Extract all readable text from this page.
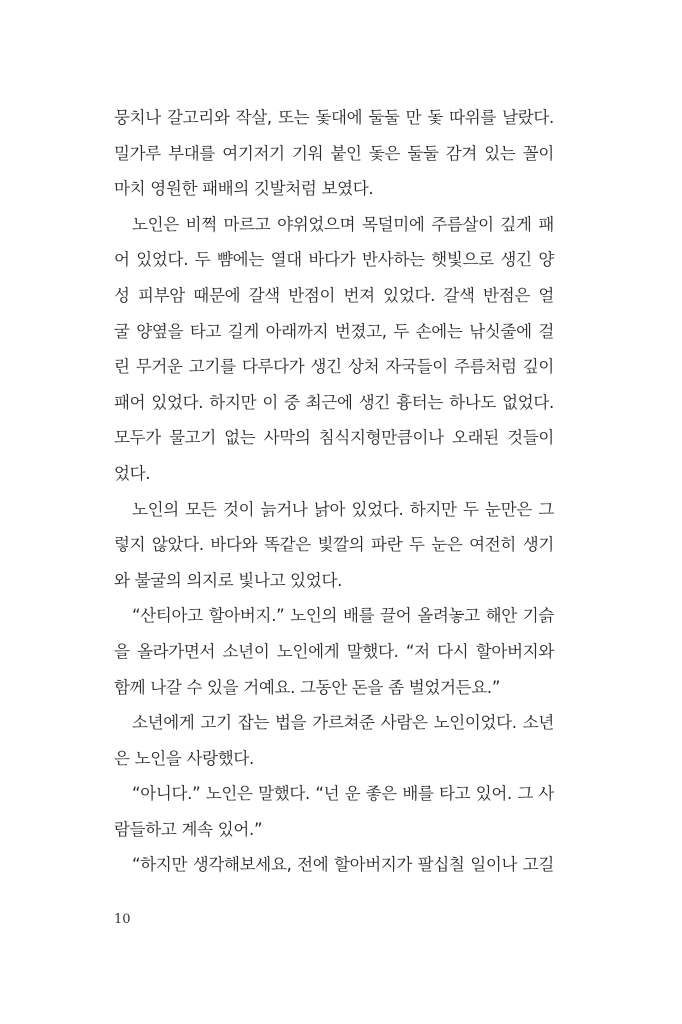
뭉치나 갈고리와 작살, 또는 돛대에 둘둘 만 돛 따위를 날랐다.
밀가루 부대를 여기저기 기워 붙인 돛은 둘둘 감겨 있는 꼴이
마치 영원한 패배의 깃발처럼 보였다.
노인은 비쩍 마르고 야위었으며 목덜미에 주름살이 깊게 패
어 있었다. 두 뺨에는 열대 바다가 반사하는 햇빛으로 생긴 양
성 피부암 때문에 갈색 반점이 번져 있었다. 갈색 반점은 얼
굴 양옆을 타고 길게 아래까지 번졌고, 두 손에는 낚싯줄에 걸
린 무거운 고기를 다루다가 생긴 상처 자국들이 주름처럼 깊이
패어 있었다. 하지만 이 중 최근에 생긴 흉터는 하나도 없었다.
모두가 물고기 없는 사막의 침식지형만큼이나 오래된 것들이
었다.
노인의 모든 것이 늙거나 낡아 있었다. 하지만 두 눈만은 그
렇지 않았다. 바다와 똑같은 빛깔의 파란 두 눈은 여전히 생기
와 불굴의 의지로 빛나고 있었다.
“산티아고 할아버지.” 노인의 배를 끌어 올려놓고 해안 기슭
을 올라가면서 소년이 노인에게 말했다. “저 다시 할아버지와
함께 나갈 수 있을 거예요. 그동안 돈을 좀 벌었거든요.”
소년에게 고기 잡는 법을 가르쳐준 사람은 노인이었다. 소년
은 노인을 사랑했다.
“아니다.” 노인은 말했다. “넌 운 좋은 배를 타고 있어. 그 사
람들하고 계속 있어.”
“하지만 생각해보세요, 전에 할아버지가 팔십칠 일이나 고길
10
